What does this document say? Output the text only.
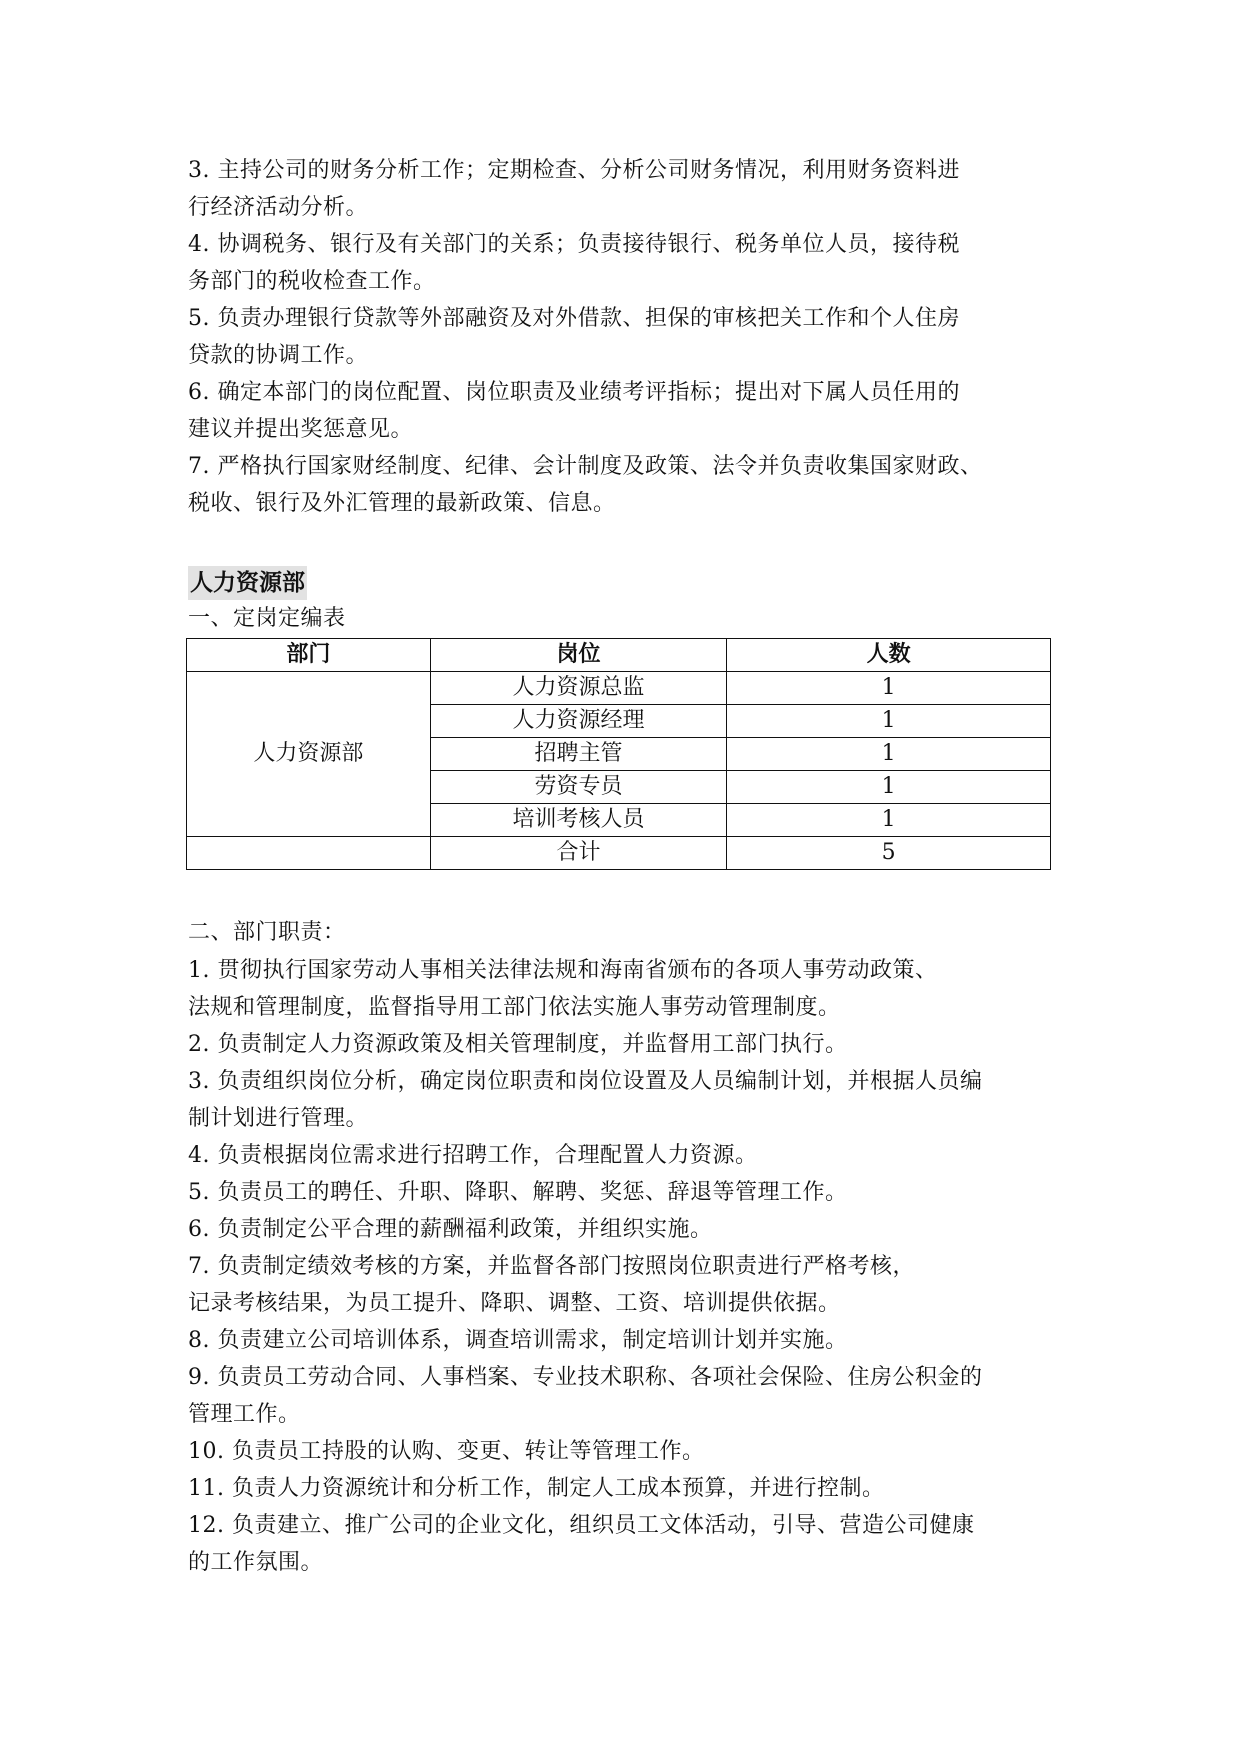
3. 主持公司的财务分析工作；定期检查、分析公司财务情况，利用财务资料进
行经济活动分析。
4. 协调税务、银行及有关部门的关系；负责接待银行、税务单位人员，接待税
务部门的税收检查工作。
5. 负责办理银行贷款等外部融资及对外借款、担保的审核把关工作和个人住房
贷款的协调工作。
6. 确定本部门的岗位配置、岗位职责及业绩考评指标；提出对下属人员任用的
建议并提出奖惩意见。
7. 严格执行国家财经制度、纪律、会计制度及政策、法令并负责收集国家财政、
税收、银行及外汇管理的最新政策、信息。
人力资源部
一、定岗定编表
部门	岗位	人数
人力资源部	人力资源总监	1
	人力资源经理	1
	招聘主管	1
	劳资专员	1
	培训考核人员	1
	合计	5
二、部门职责：
1. 贯彻执行国家劳动人事相关法律法规和海南省颁布的各项人事劳动政策、
法规和管理制度，监督指导用工部门依法实施人事劳动管理制度。
2. 负责制定人力资源政策及相关管理制度，并监督用工部门执行。
3. 负责组织岗位分析，确定岗位职责和岗位设置及人员编制计划，并根据人员编
制计划进行管理。
4. 负责根据岗位需求进行招聘工作，合理配置人力资源。
5. 负责员工的聘任、升职、降职、解聘、奖惩、辞退等管理工作。
6. 负责制定公平合理的薪酬福利政策，并组织实施。
7. 负责制定绩效考核的方案，并监督各部门按照岗位职责进行严格考核，
记录考核结果，为员工提升、降职、调整、工资、培训提供依据。
8. 负责建立公司培训体系，调查培训需求，制定培训计划并实施。
9. 负责员工劳动合同、人事档案、专业技术职称、各项社会保险、住房公积金的
管理工作。
10. 负责员工持股的认购、变更、转让等管理工作。
11. 负责人力资源统计和分析工作，制定人工成本预算，并进行控制。
12. 负责建立、推广公司的企业文化，组织员工文体活动，引导、营造公司健康
的工作氛围。
